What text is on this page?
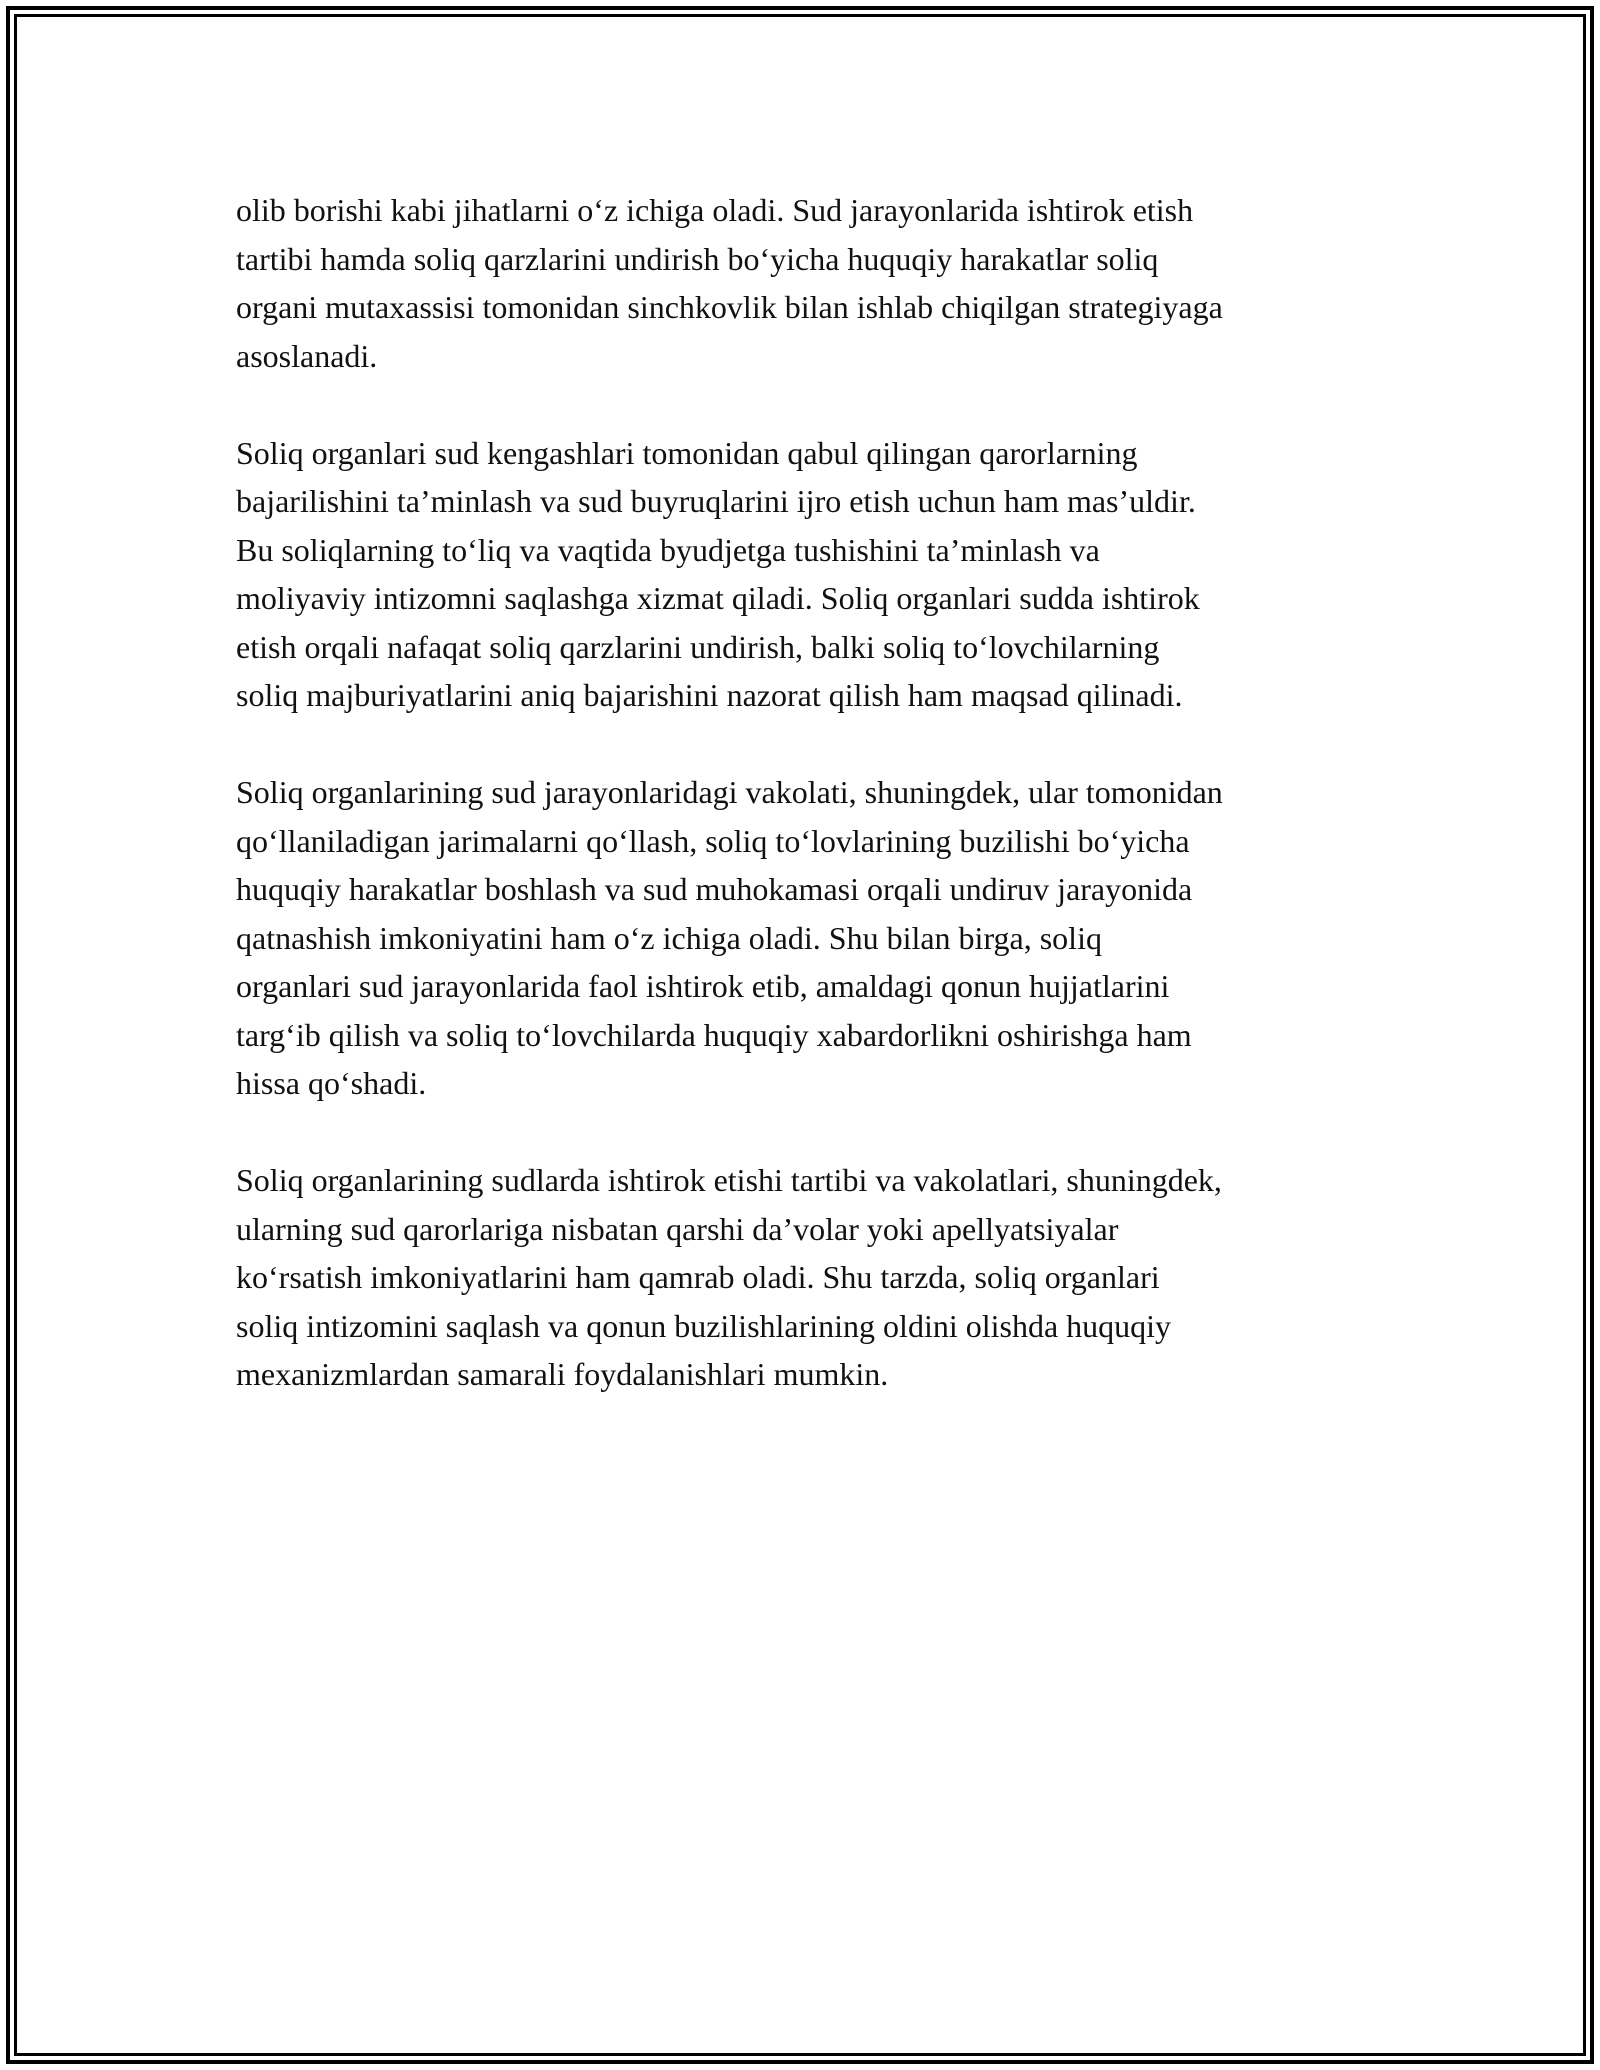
olib borishi kabi jihatlarni o‘z ichiga oladi. Sud jarayonlarida ishtirok etish
tartibi hamda soliq qarzlarini undirish bo‘yicha huquqiy harakatlar soliq
organi mutaxassisi tomonidan sinchkovlik bilan ishlab chiqilgan strategiyaga
asoslanadi.

Soliq organlari sud kengashlari tomonidan qabul qilingan qarorlarning
bajarilishini ta’minlash va sud buyruqlarini ijro etish uchun ham mas’uldir.
Bu soliqlarning to‘liq va vaqtida byudjetga tushishini ta’minlash va
moliyaviy intizomni saqlashga xizmat qiladi. Soliq organlari sudda ishtirok
etish orqali nafaqat soliq qarzlarini undirish, balki soliq to‘lovchilarning
soliq majburiyatlarini aniq bajarishini nazorat qilish ham maqsad qilinadi.

Soliq organlarining sud jarayonlaridagi vakolati, shuningdek, ular tomonidan
qo‘llaniladigan jarimalarni qo‘llash, soliq to‘lovlarining buzilishi bo‘yicha
huquqiy harakatlar boshlash va sud muhokamasi orqali undiruv jarayonida
qatnashish imkoniyatini ham o‘z ichiga oladi. Shu bilan birga, soliq
organlari sud jarayonlarida faol ishtirok etib, amaldagi qonun hujjatlarini
targ‘ib qilish va soliq to‘lovchilarda huquqiy xabardorlikni oshirishga ham
hissa qo‘shadi.

Soliq organlarining sudlarda ishtirok etishi tartibi va vakolatlari, shuningdek,
ularning sud qarorlariga nisbatan qarshi da’volar yoki apellyatsiyalar
ko‘rsatish imkoniyatlarini ham qamrab oladi. Shu tarzda, soliq organlari
soliq intizomini saqlash va qonun buzilishlarining oldini olishda huquqiy
mexanizmlardan samarali foydalanishlari mumkin.
